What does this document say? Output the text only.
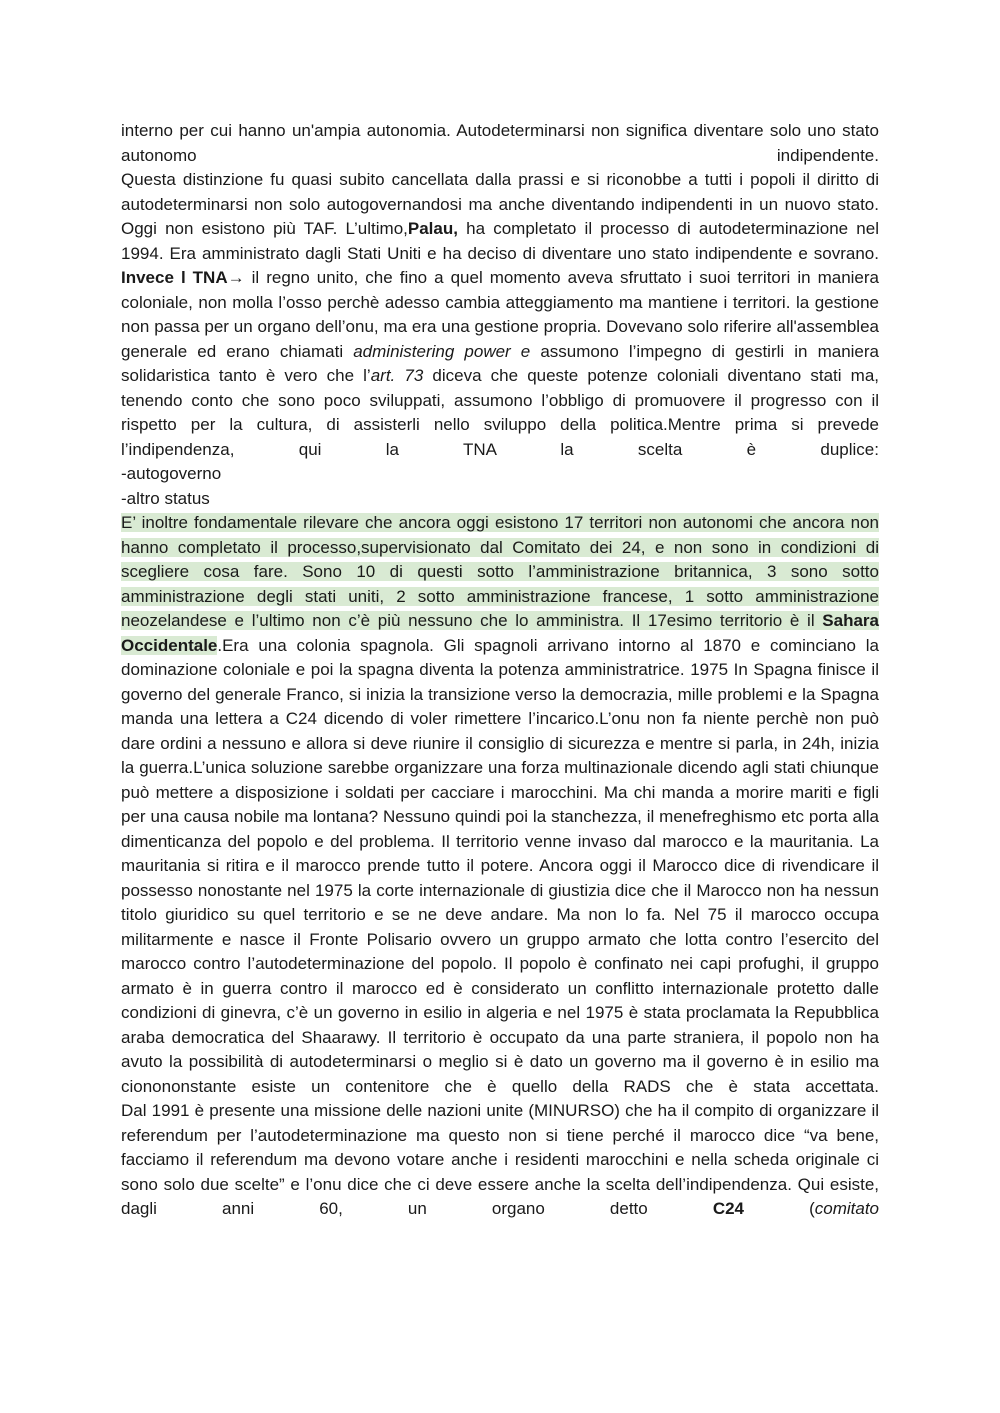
interno per cui hanno un'ampia autonomia. Autodeterminarsi non significa diventare solo uno stato autonomo indipendente.
Questa distinzione fu quasi subito cancellata dalla prassi e si riconobbe a tutti i popoli il diritto di autodeterminarsi non solo autogovernandosi ma anche diventando indipendenti in un nuovo stato. Oggi non esistono più TAF. L’ultimo,Palau, ha completato il processo di autodeterminazione nel 1994. Era amministrato dagli Stati Uniti e ha deciso di diventare uno stato indipendente e sovrano.
Invece l TNA→ il regno unito, che fino a quel momento aveva sfruttato i suoi territori in maniera coloniale, non molla l’osso perchè adesso cambia atteggiamento ma mantiene i territori. la gestione non passa per un organo dell’onu, ma era una gestione propria. Dovevano solo riferire all'assemblea generale ed erano chiamati administering power e assumono l’impegno di gestirli in maniera solidaristica tanto è vero che l’art. 73 dicevа che queste potenze coloniali diventano stati ma, tenendo conto che sono poco sviluppati, assumono l’obbligo di promuovere il progresso con il rispetto per la cultura, di assisterli nello sviluppo della politica.Mentre prima si prevede l’indipendenza, qui la TNA la scelta è duplice:
-autogoverno
-altro status
E’ inoltre fondamentale rilevare che ancora oggi esistono 17 territori non autonomi che ancora non hanno completato il processo,supervisionato dal Comitato dei 24, e non sono in condizioni di scegliere cosa fare. Sono 10 di questi sotto l’amministrazione britannica, 3 sono sotto amministrazione degli stati uniti, 2 sotto amministrazione francese, 1 sotto amministrazione neozelandese e l’ultimo non c’è più nessuno che lo amministra. Il 17esimo territorio è il Sahara Occidentale.Era una colonia spagnola. Gli spagnoli arrivano intorno al 1870 e cominciano la dominazione coloniale e poi la spagna diventa la potenza amministratrice. 1975 In Spagna finisce il governo del generale Franco, si inizia la transizione verso la democrazia, mille problemi e la Spagna manda una lettera a C24 dicendo di voler rimettere l’incarico.L’onu non fa niente perchè non può dare ordini a nessuno e allora si deve riunire il consiglio di sicurezza e mentre si parla, in 24h, inizia la guerra.L’unica soluzione sarebbe organizzare una forza multinazionale dicendo agli stati chiunque può mettere a disposizione i soldati per cacciare i marocchini. Ma chi manda a morire mariti e figli per una causa nobile ma lontana? Nessuno quindi poi la stanchezza, il menefreghismo etc porta alla dimenticanza del popolo e del problema. Il territorio venne invaso dal marocco e la mauritania. La mauritania si ritira e il marocco prende tutto il potere. Ancora oggi il Marocco dice di rivendicare il possesso nonostante nel 1975 la corte internazionale di giustizia dice che il Marocco non ha nessun titolo giuridico su quel territorio e se ne deve andare. Ma non lo fa. Nel 75 il marocco occupa militarmente e nasce il Fronte Polisario ovvero un gruppo armato che lotta contro l’esercito del marocco contro l’autodeterminazione del popolo. Il popolo è confinato nei capi profughi, il gruppo armato è in guerra contro il marocco ed è considerato un conflitto internazionale protetto dalle condizioni di ginevra, c’è un governo in esilio in algeria e nel 1975 è stata proclamata la Repubblica araba democratica del Shaarawy. Il territorio è occupato da una parte straniera, il popolo non ha avuto la possibilità di autodeterminarsi o meglio si è dato un governo ma il governo è in esilio ma cionononstante esiste un contenitore che è quello della RADS che è stata accettata.
Dal 1991 è presente una missione delle nazioni unite (MINURSO) che ha il compito di organizzare il referendum per l’autodeterminazione ma questo non si tiene perché il marocco dice “va bene, facciamo il referendum ma devono votare anche i residenti marocchini e nella scheda originale ci sono solo due scelte” e l’onu dice che ci deve essere anche la scelta dell’indipendenza. Qui esiste, dagli anni 60, un organo detto C24 (comitato
